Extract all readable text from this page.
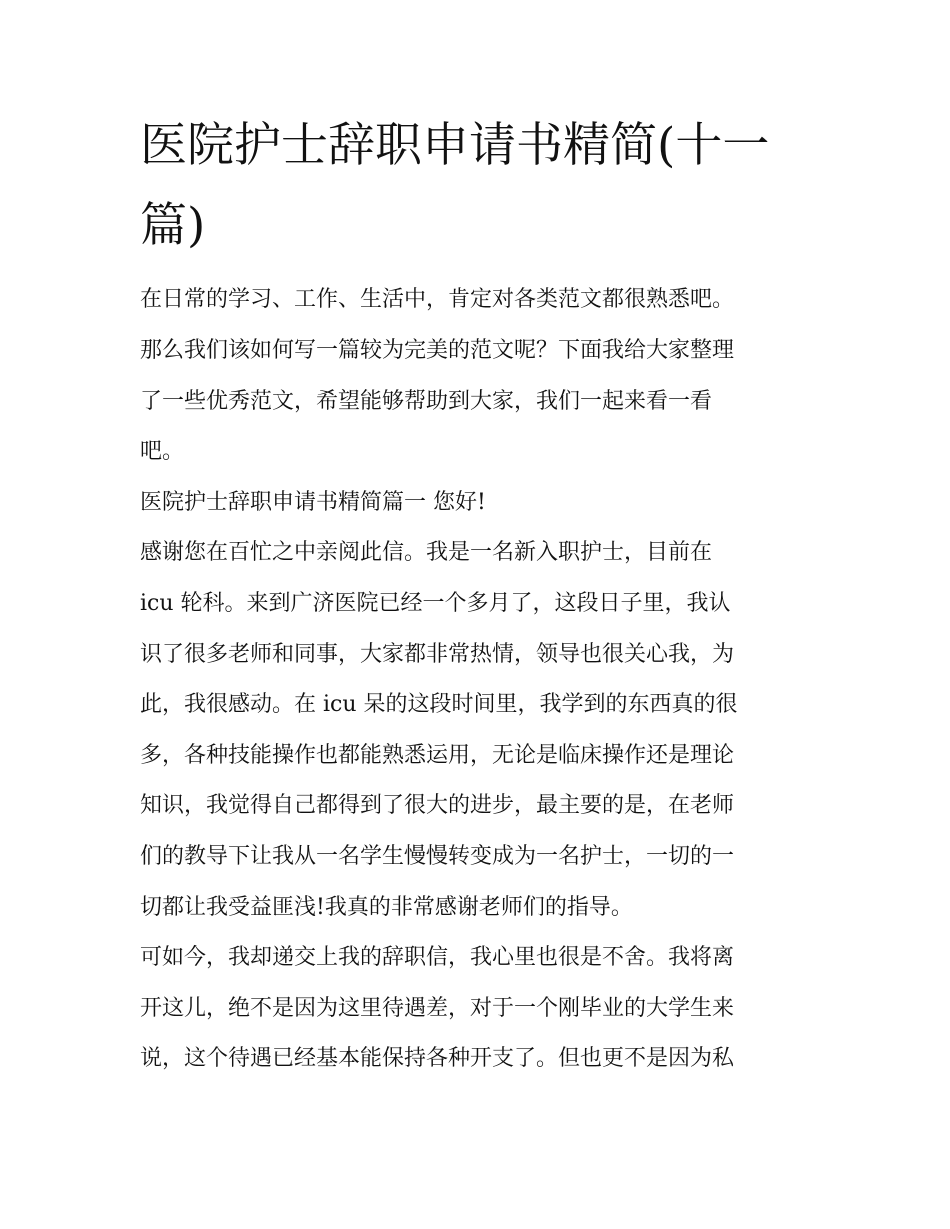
医院护士辞职申请书精简(十一
篇)

在日常的学习、工作、生活中，肯定对各类范文都很熟悉吧。

那么我们该如何写一篇较为完美的范文呢？下面我给大家整理

了一些优秀范文，希望能够帮助到大家，我们一起来看一看

吧。

医院护士辞职申请书精简篇一 您好!

感谢您在百忙之中亲阅此信。我是一名新入职护士，目前在

icu 轮科。来到广济医院已经一个多月了，这段日子里，我认

识了很多老师和同事，大家都非常热情，领导也很关心我，为

此，我很感动。在 icu 呆的这段时间里，我学到的东西真的很

多，各种技能操作也都能熟悉运用，无论是临床操作还是理论

知识，我觉得自己都得到了很大的进步，最主要的是，在老师

们的教导下让我从一名学生慢慢转变成为一名护士，一切的一

切都让我受益匪浅!我真的非常感谢老师们的指导。

可如今，我却递交上我的辞职信，我心里也很是不舍。我将离

开这儿，绝不是因为这里待遇差，对于一个刚毕业的大学生来

说，这个待遇已经基本能保持各种开支了。但也更不是因为私
